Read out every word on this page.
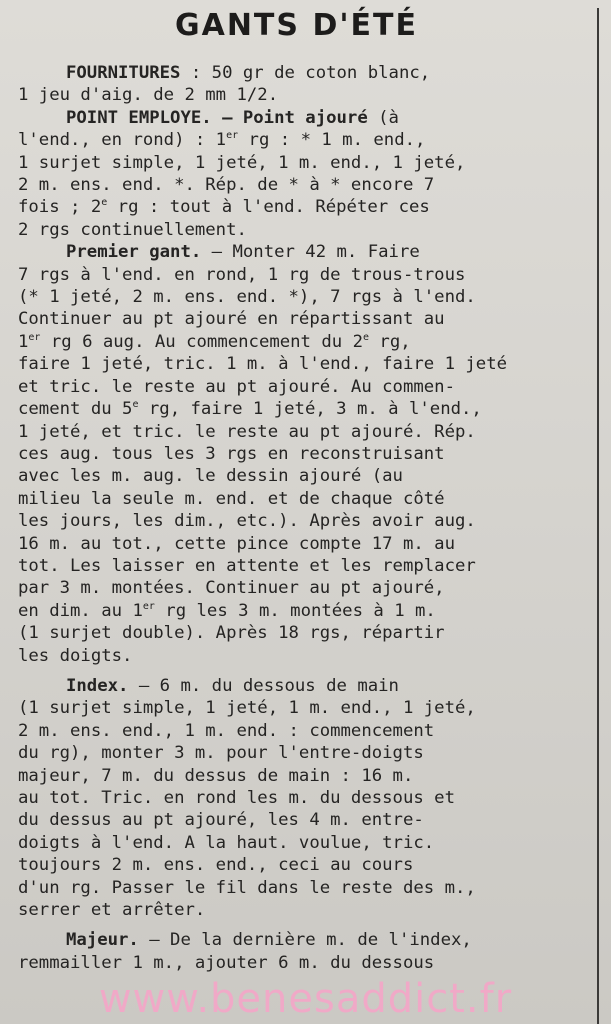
GANTS D'ÉTÉ
FOURNITURES : 50 gr de coton blanc,
1 jeu d'aig. de 2 mm 1/2.
POINT EMPLOYE. — Point ajouré (à
l'end., en rond) : 1er rg : * 1 m. end.,
1 surjet simple, 1 jeté, 1 m. end., 1 jeté,
2 m. ens. end. *. Rép. de * à * encore 7
fois ; 2e rg : tout à l'end. Répéter ces
2 rgs continuellement.
Premier gant. — Monter 42 m. Faire
7 rgs à l'end. en rond, 1 rg de trous-trous
(* 1 jeté, 2 m. ens. end. *), 7 rgs à l'end.
Continuer au pt ajouré en répartissant au
1er rg 6 aug. Au commencement du 2e rg,
faire 1 jeté, tric. 1 m. à l'end., faire 1 jeté
et tric. le reste au pt ajouré. Au commen-
cement du 5e rg, faire 1 jeté, 3 m. à l'end.,
1 jeté, et tric. le reste au pt ajouré. Rép.
ces aug. tous les 3 rgs en reconstruisant
avec les m. aug. le dessin ajouré (au
milieu la seule m. end. et de chaque côté
les jours, les dim., etc.). Après avoir aug.
16 m. au tot., cette pince compte 17 m. au
tot. Les laisser en attente et les remplacer
par 3 m. montées. Continuer au pt ajouré,
en dim. au 1er rg les 3 m. montées à 1 m.
(1 surjet double). Après 18 rgs, répartir
les doigts.
Index. — 6 m. du dessous de main
(1 surjet simple, 1 jeté, 1 m. end., 1 jeté,
2 m. ens. end., 1 m. end. : commencement
du rg), monter 3 m. pour l'entre-doigts
majeur, 7 m. du dessus de main : 16 m.
au tot. Tric. en rond les m. du dessous et
du dessus au pt ajouré, les 4 m. entre-
doigts à l'end. A la haut. voulue, tric.
toujours 2 m. ens. end., ceci au cours
d'un rg. Passer le fil dans le reste des m.,
serrer et arrêter.
Majeur. — De la dernière m. de l'index,
remmailler 1 m., ajouter 6 m. du dessous
www.benesaddict.fr
